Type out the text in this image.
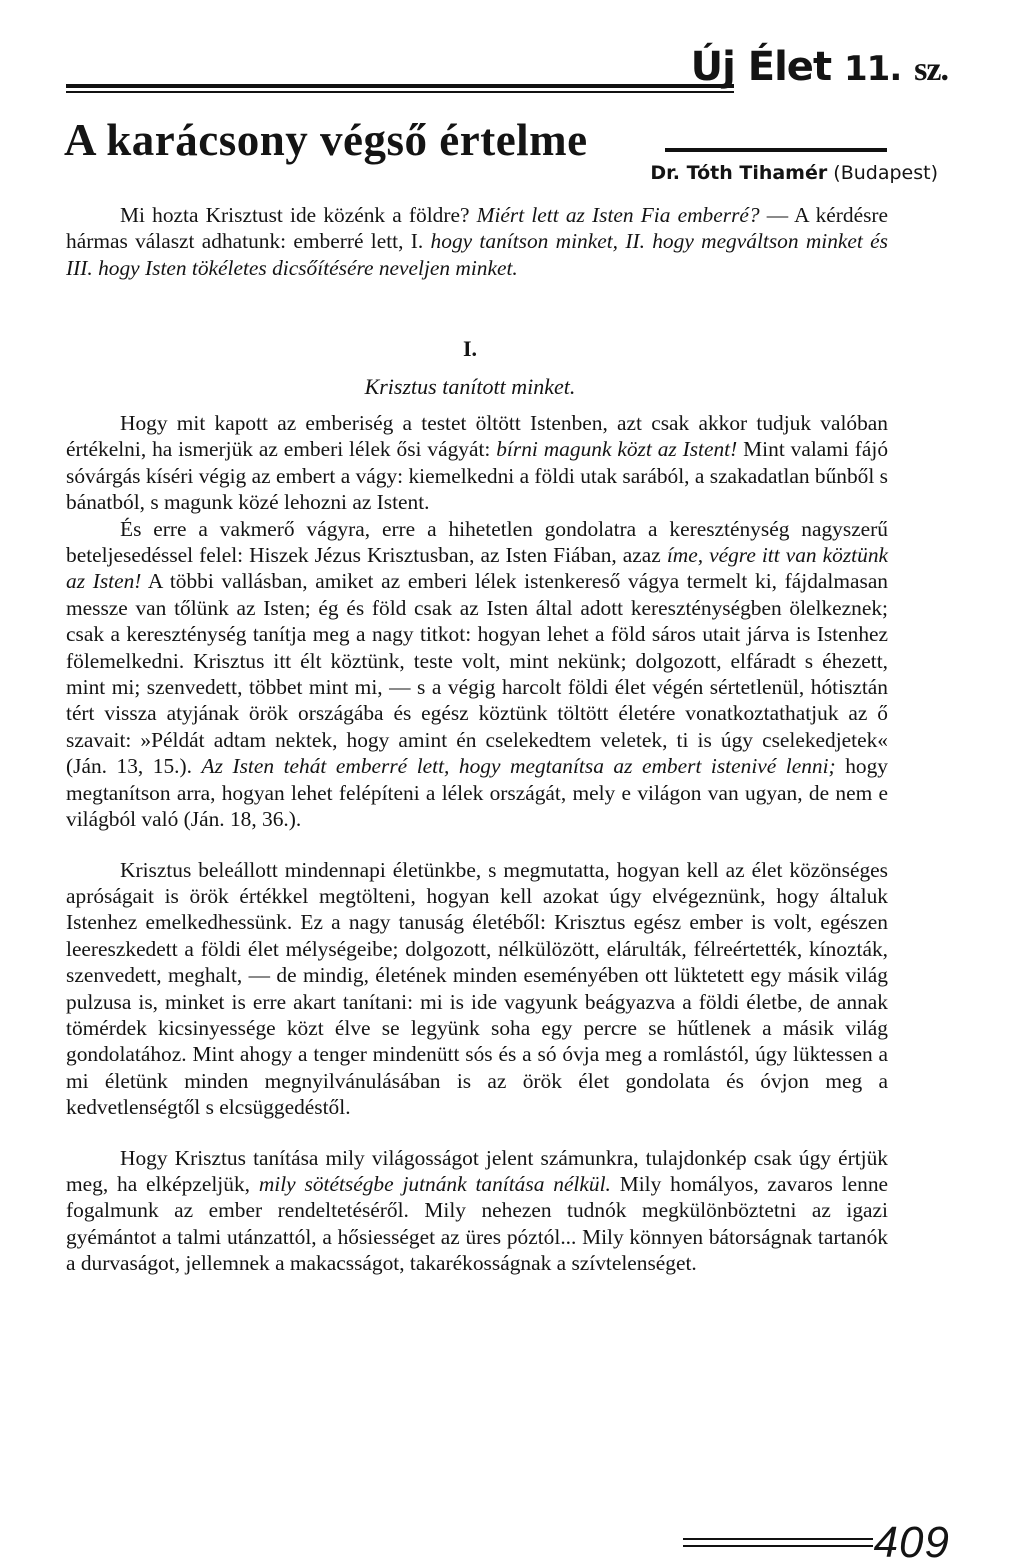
Új Élet 11. sz.
A karácsony végső értelme
Dr. Tóth Tihamér (Budapest)

Mi hozta Krisztust ide közénk a földre? Miért lett az Isten Fia emberré? — A kérdésre hármas választ adhatunk: emberré lett, I. hogy tanítson minket, II. hogy megváltson minket és III. hogy Isten tökéletes dicsőítésére neveljen minket.

I.
Krisztus tanított minket.

Hogy mit kapott az emberiség a testet öltött Istenben, azt csak akkor tudjuk valóban értékelni, ha ismerjük az emberi lélek ősi vágyát: bírni magunk közt az Istent! Mint valami fájó sóvárgás kíséri végig az embert a vágy: kiemelkedni a földi utak sarából, a szakadatlan bűnből s bánatból, s magunk közé lehozni az Istent.

És erre a vakmerő vágyra, erre a hihetetlen gondolatra a kereszténység nagyszerű beteljesedéssel felel: Hiszek Jézus Krisztusban, az Isten Fiában, azaz íme, végre itt van köztünk az Isten! A többi vallásban, amiket az emberi lélek istenkereső vágya termelt ki, fájdalmasan messze van tőlünk az Isten; ég és föld csak az Isten által adott kereszténységben ölelkeznek; csak a kereszténység tanítja meg a nagy titkot: hogyan lehet a föld sáros utait járva is Istenhez fölemelkedni. Krisztus itt élt köztünk, teste volt, mint nekünk; dolgozott, elfáradt s éhezett, mint mi; szenvedett, többet mint mi, — s a végig harcolt földi élet végén sértetlenül, hótisztán tért vissza atyjának örök országába és egész köztünk töltött életére vonatkoztathatjuk az ő szavait: »Példát adtam nektek, hogy amint én cselekedtem veletek, ti is úgy cselekedjetek« (Ján. 13, 15.). Az Isten tehát emberré lett, hogy megtanítsa az embert istenivé lenni; hogy megtanítson arra, hogyan lehet felépíteni a lélek országát, mely e világon van ugyan, de nem e világból való (Ján. 18, 36.).

Krisztus beleállott mindennapi életünkbe, s megmutatta, hogyan kell az élet közönséges apróságait is örök értékkel megtölteni, hogyan kell azokat úgy elvégeznünk, hogy általuk Istenhez emelkedhessünk. Ez a nagy tanuság életéből: Krisztus egész ember is volt, egészen leereszkedett a földi élet mélységeibe; dolgozott, nélkülözött, elárulták, félreértették, kínozták, szenvedett, meghalt, — de mindig, életének minden eseményében ott lüktetett egy másik világ pulzusa is, minket is erre akart tanítani: mi is ide vagyunk beágyazva a földi életbe, de annak tömérdek kicsinyessége közt élve se legyünk soha egy percre se hűtlenek a másik világ gondolatához. Mint ahogy a tenger mindenütt sós és a só óvja meg a romlástól, úgy lüktessen a mi életünk minden megnyilvánulásában is az örök élet gondolata és óvjon meg a kedvetlenségtől s elcsüggedéstől.

Hogy Krisztus tanítása mily világosságot jelent számunkra, tulajdonkép csak úgy értjük meg, ha elképzeljük, mily sötétségbe jutnánk tanítása nélkül. Mily homályos, zavaros lenne fogalmunk az ember rendeltetéséről. Mily nehezen tudnók megkülönböztetni az igazi gyémántot a talmi utánzattól, a hősiességet az üres póztól... Mily könnyen bátorságnak tartanók a durvaságot, jellemnek a makacsságot, takarékosságnak a szívtelenséget.

409
